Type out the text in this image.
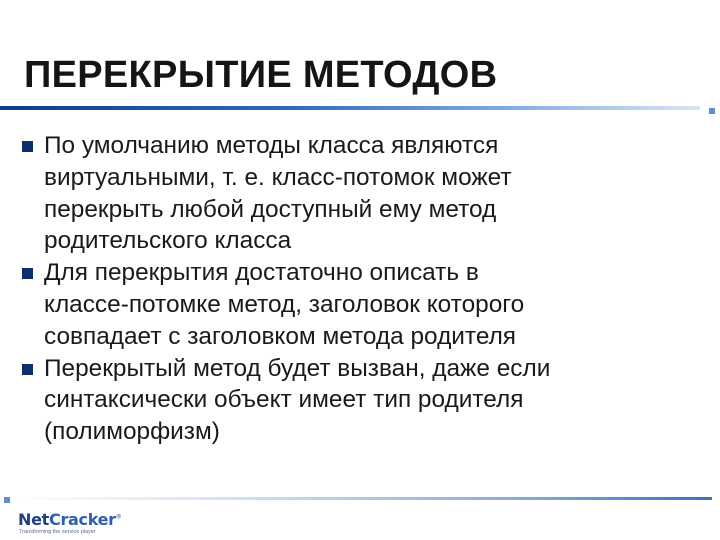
ПЕРЕКРЫТИЕ МЕТОДОВ
По умолчанию методы класса являются
виртуальными, т. е. класс-потомок может
перекрыть любой доступный ему метод
родительского класса
Для перекрытия достаточно описать в
классе-потомке метод, заголовок которого
совпадает с заголовком метода родителя
Перекрытый метод будет вызван, даже если
синтаксически объект имеет тип родителя
(полиморфизм)
NetCracker®
Transforming the service player
